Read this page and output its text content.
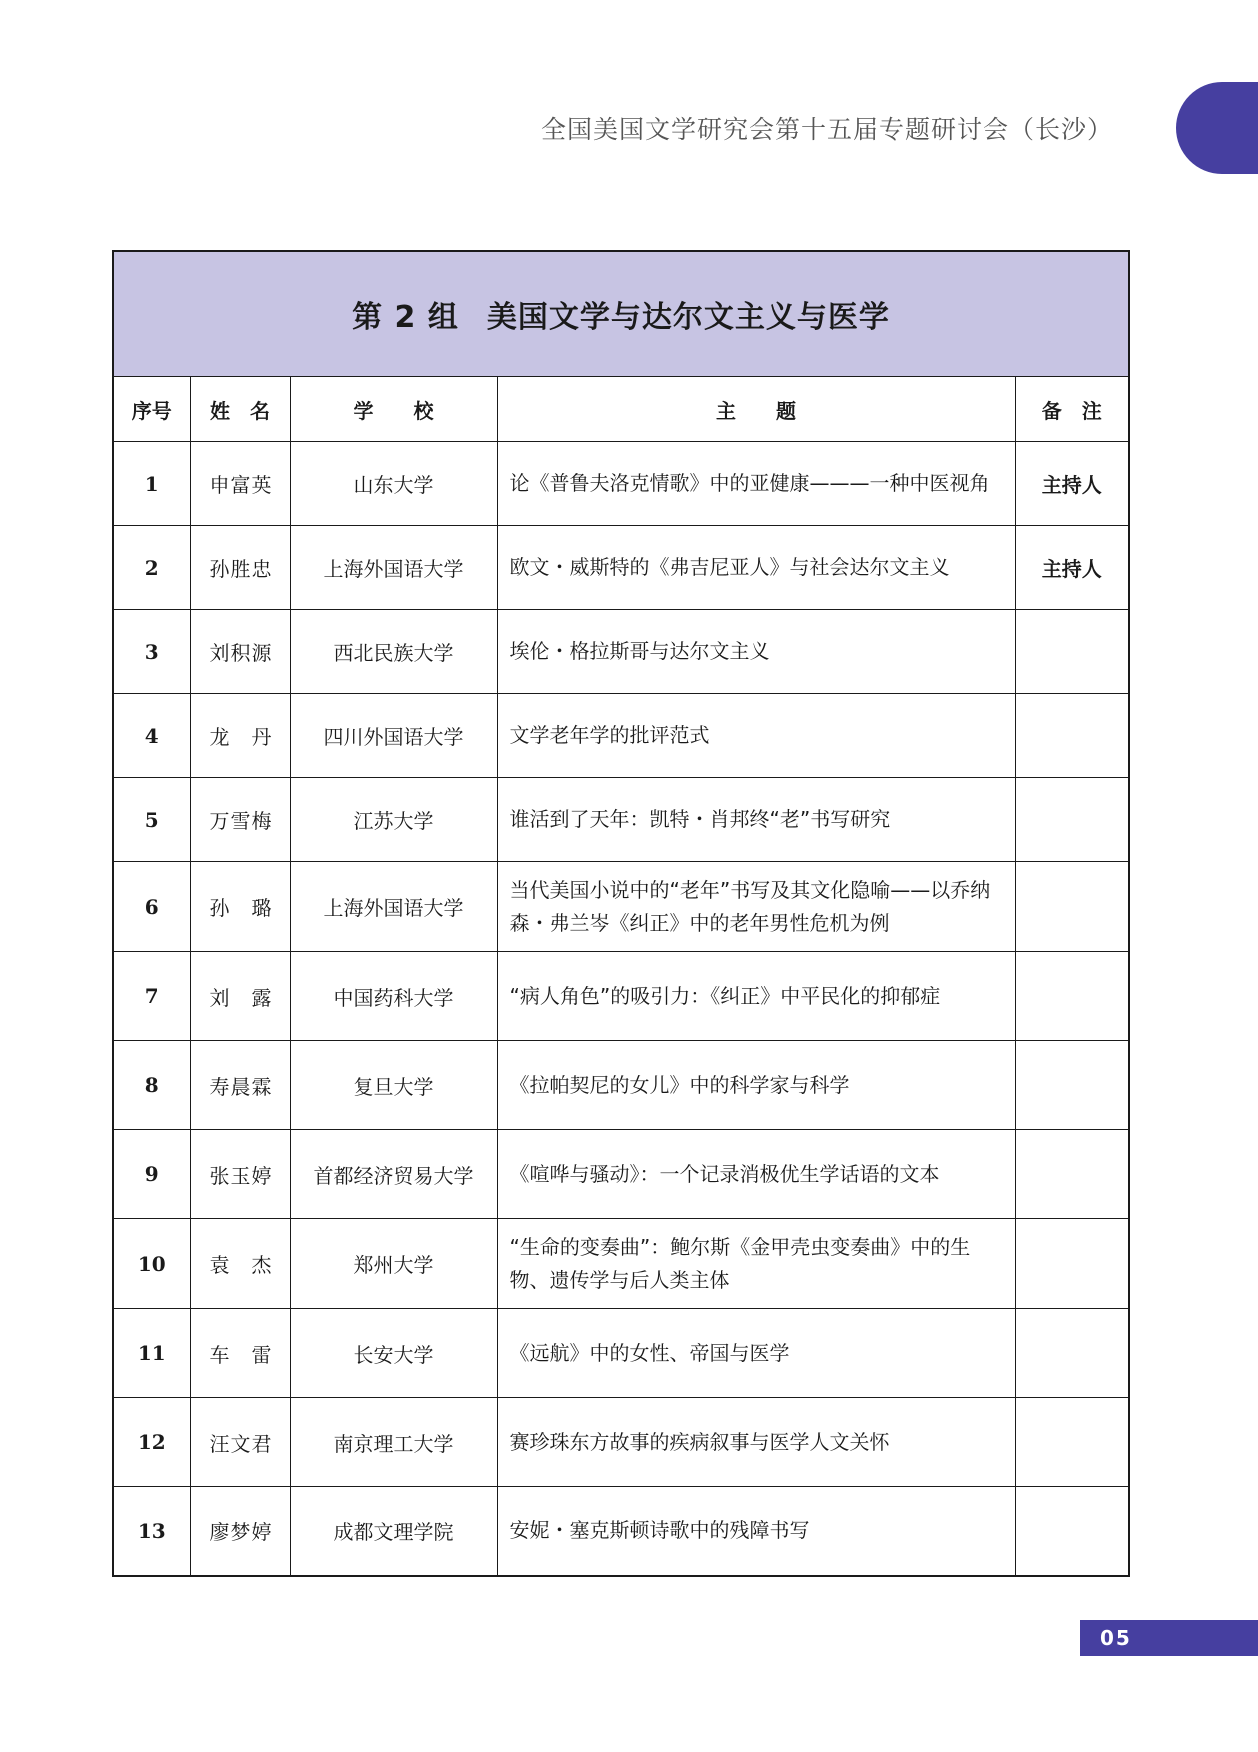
全国美国文学研究会第十五届专题研讨会（长沙）
第 2 组 美国文学与达尔文主义与医学				
序号	姓　名	学　　校	主　　题	备　注
1	申富英	山东大学	论《普鲁夫洛克情歌》中的亚健康———一种中医视角	主持人
2	孙胜忠	上海外国语大学	欧文・威斯特的《弗吉尼亚人》与社会达尔文主义	主持人
3	刘积源	西北民族大学	埃伦・格拉斯哥与达尔文主义	
4	龙　丹	四川外国语大学	文学老年学的批评范式	
5	万雪梅	江苏大学	谁活到了天年：凯特・肖邦终“老”书写研究	
6	孙　璐	上海外国语大学	当代美国小说中的“老年”书写及其文化隐喻——以乔纳森・弗兰岑《纠正》中的老年男性危机为例	
7	刘　露	中国药科大学	“病人角色”的吸引力：《纠正》中平民化的抑郁症	
8	寿晨霖	复旦大学	《拉帕契尼的女儿》中的科学家与科学	
9	张玉婷	首都经济贸易大学	《喧哗与骚动》：一个记录消极优生学话语的文本	
10	袁　杰	郑州大学	“生命的变奏曲”：鲍尔斯《金甲壳虫变奏曲》中的生物、遗传学与后人类主体	
11	车　雷	长安大学	《远航》中的女性、帝国与医学	
12	汪文君	南京理工大学	赛珍珠东方故事的疾病叙事与医学人文关怀	
13	廖梦婷	成都文理学院	安妮・塞克斯顿诗歌中的残障书写	
05
